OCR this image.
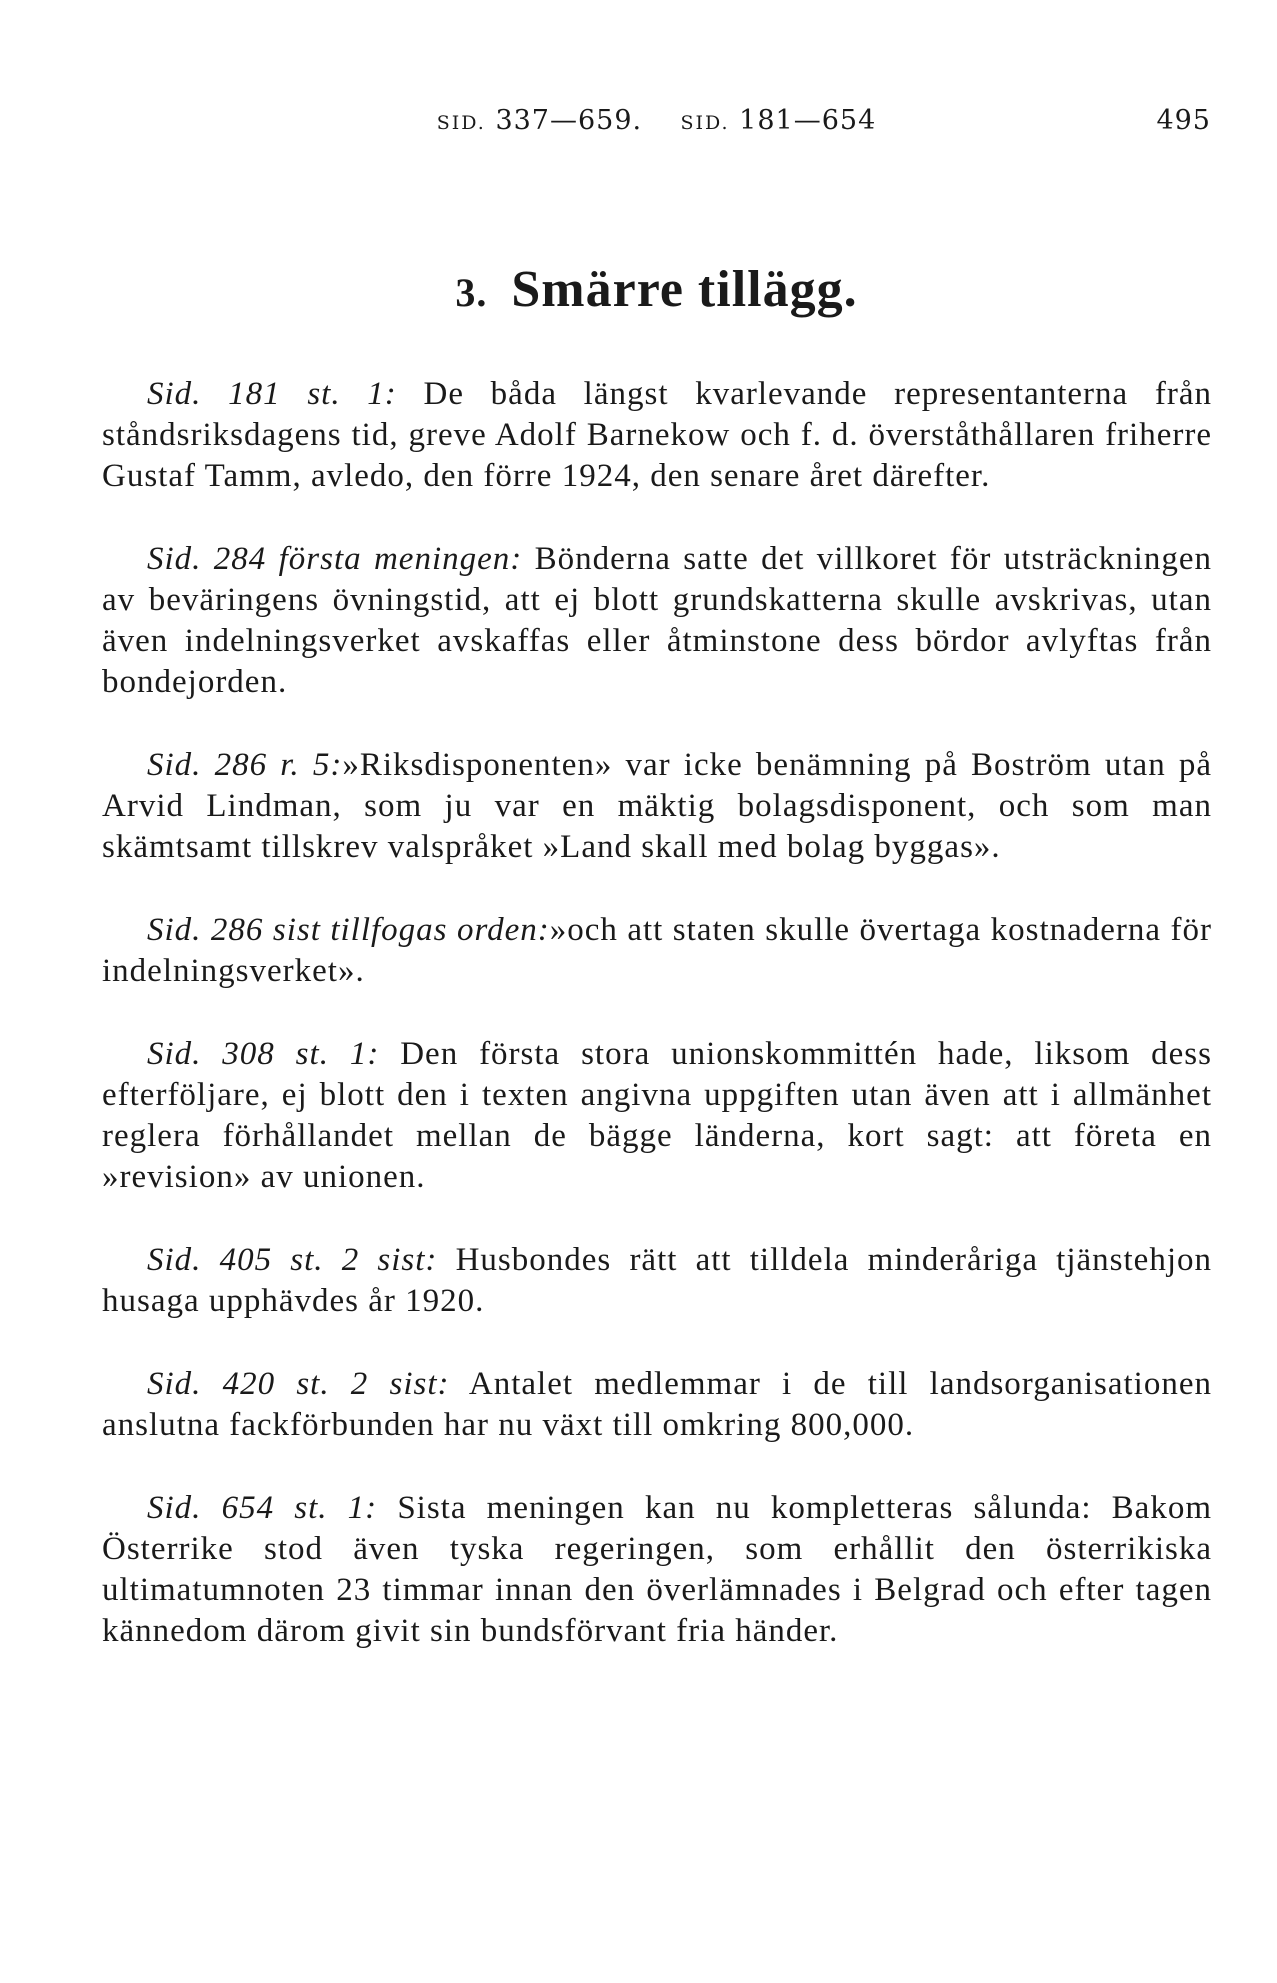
SID. 337—659. SID. 181—654	495
3. Smärre tillägg.

Sid. 181 st. 1: De båda längst kvarlevande representanterna från ståndsriksdagens tid, greve Adolf Barnekow och f. d. överståthållaren friherre Gustaf Tamm, avledo, den förre 1924, den senare året därefter.

Sid. 284 första meningen: Bönderna satte det villkoret för utsträckningen av beväringens övningstid, att ej blott grundskatterna skulle avskrivas, utan även indelningsverket avskaffas eller åtminstone dess bördor avlyftas från bondejorden.

Sid. 286 r. 5:»Riksdisponenten» var icke benämning på Boström utan på Arvid Lindman, som ju var en mäktig bolagsdisponent, och som man skämtsamt tillskrev valspråket »Land skall med bolag byggas».

Sid. 286 sist tillfogas orden:»och att staten skulle övertaga kostnaderna för indelningsverket».

Sid. 308 st. 1: Den första stora unionskommittén hade, liksom dess efterföljare, ej blott den i texten angivna uppgiften utan även att i allmänhet reglera förhållandet mellan de bägge länderna, kort sagt: att företa en »revision» av unionen.

Sid. 405 st. 2 sist: Husbondes rätt att tilldela minderåriga tjänstehjon husaga upphävdes år 1920.

Sid. 420 st. 2 sist: Antalet medlemmar i de till landsorganisationen anslutna fackförbunden har nu växt till omkring 800,000.

Sid. 654 st. 1: Sista meningen kan nu kompletteras sålunda: Bakom Österrike stod även tyska regeringen, som erhållit den österrikiska ultimatumnoten 23 timmar innan den överlämnades i Belgrad och efter tagen kännedom därom givit sin bundsförvant fria händer.
